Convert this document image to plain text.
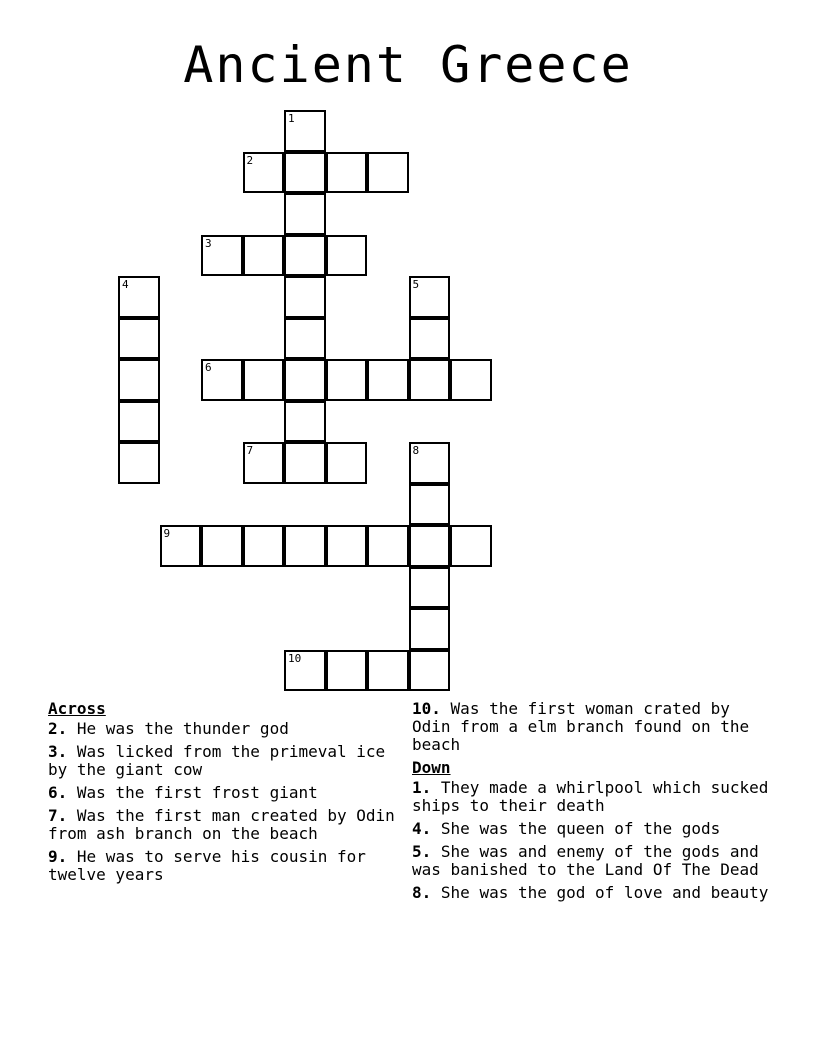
Ancient Greece
2
3
6
7
9
10
1
4	5
8
Across
2. He was the thunder god
3. Was licked from the primeval ice by the giant cow
6. Was the first frost giant
7. Was the first man created by Odin from ash branch on the beach
9. He was to serve his cousin for twelve years
10. Was the first woman crated by Odin from a elm branch found on the beach
Down
1. They made a whirlpool which sucked ships to their death
4. She was the queen of the gods
5. She was and enemy of the gods and was banished to the Land Of The Dead
8. She was the god of love and beauty
